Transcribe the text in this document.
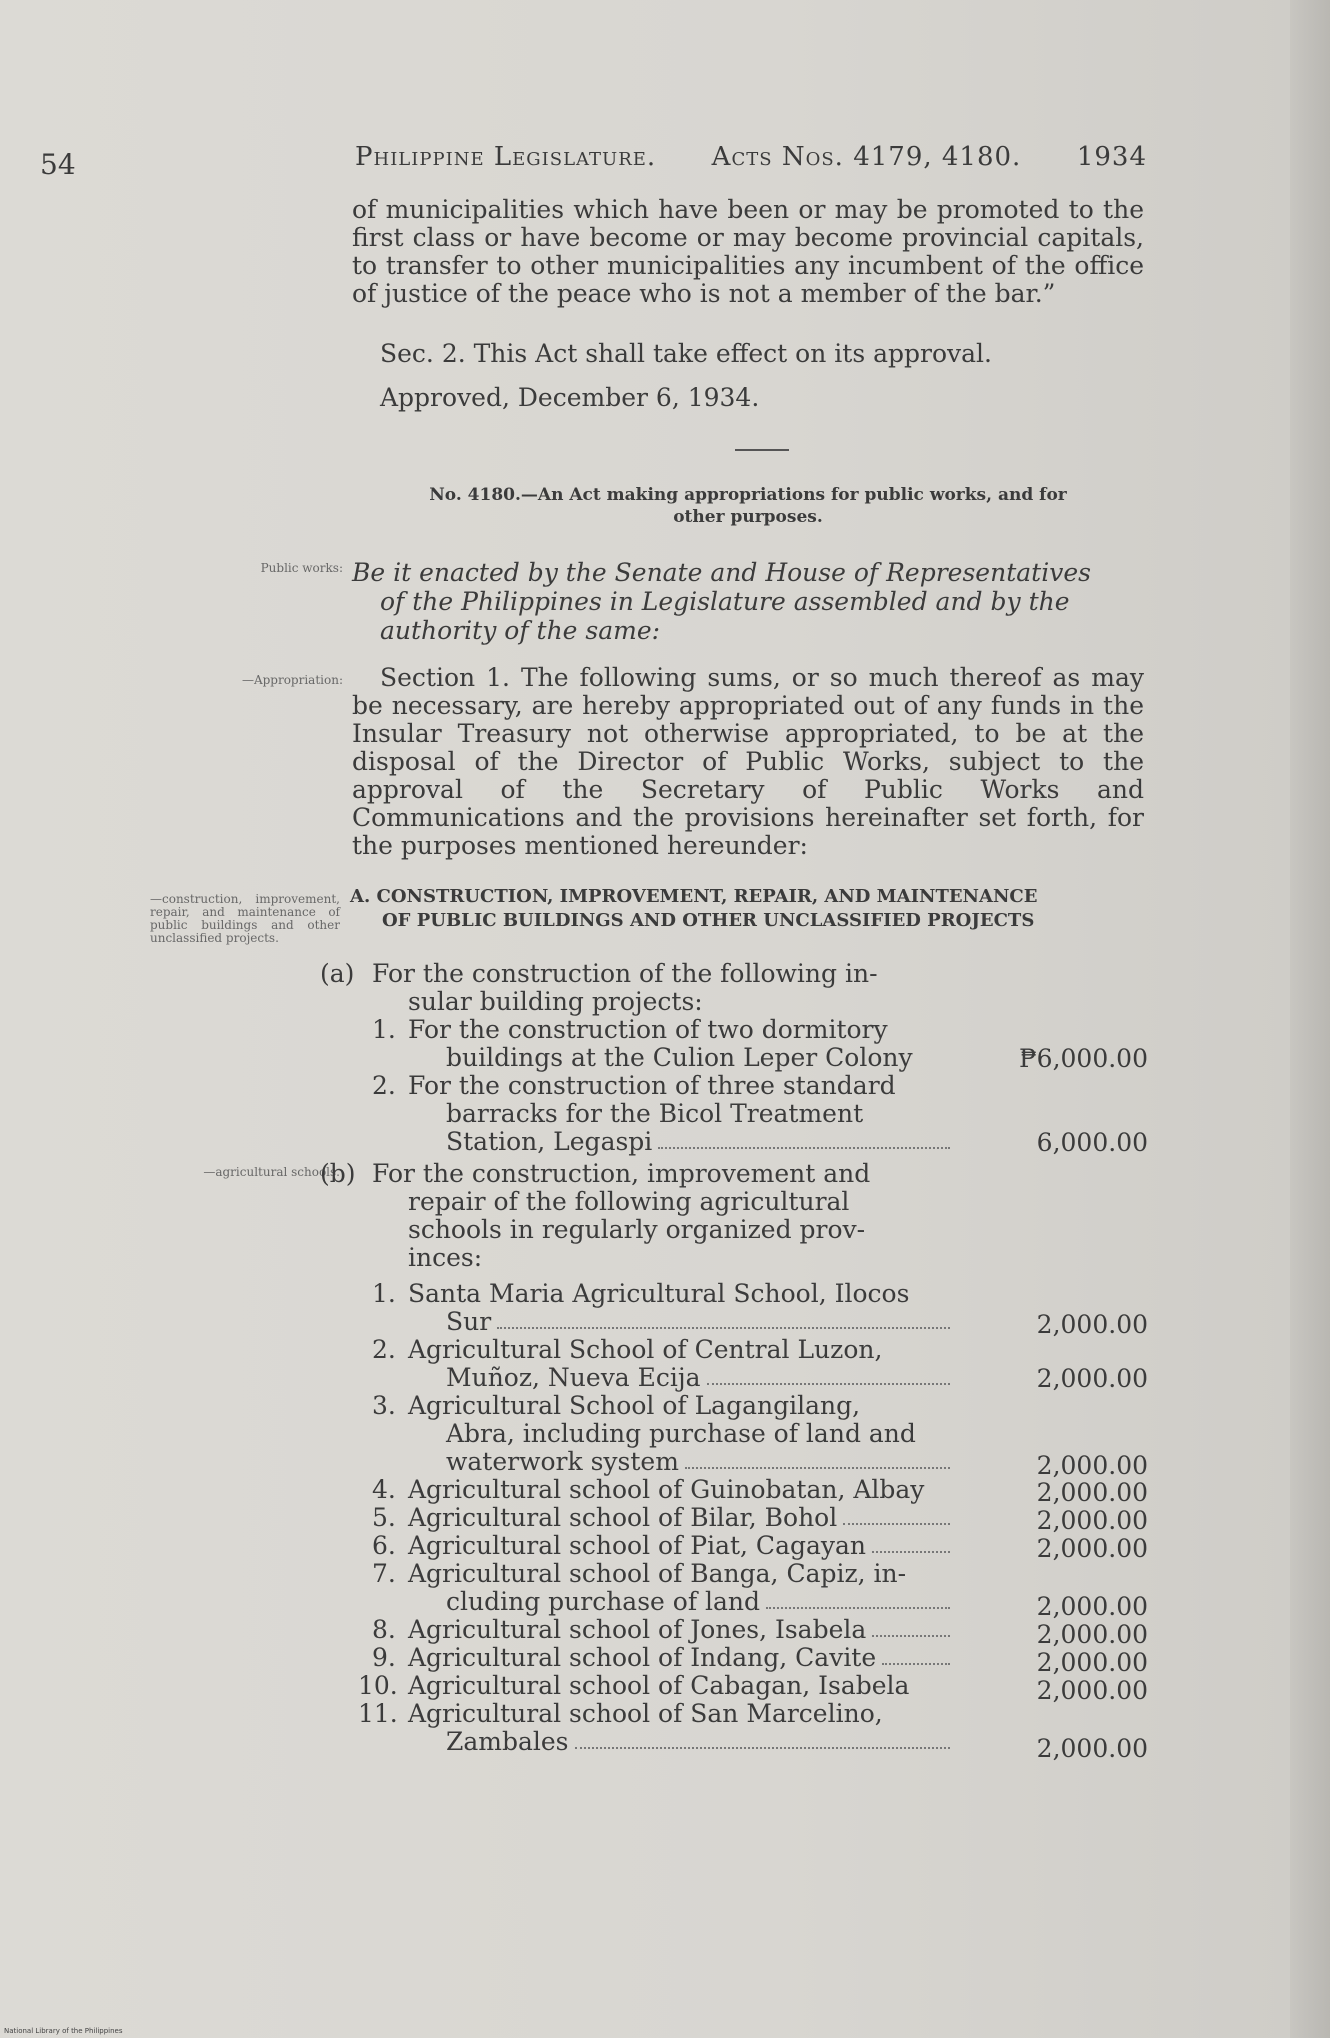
54	Philippine Legislature. Acts Nos. 4179, 4180. 1934
of municipalities which have been or may be promoted to the first class or have become or may become provincial capitals, to transfer to other municipalities any incumbent of the office of justice of the peace who is not a member of the bar.”
Sec. 2. This Act shall take effect on its approval.
Approved, December 6, 1934.
No. 4180.—An Act making appropriations for public works, and for
other purposes.
Public works: Be it enacted by the Senate and House of Representatives
of the Philippines in Legislature assembled and by the
authority of the same:
—Appropriation:	Section 1. The following sums, or so much thereof as may be necessary, are hereby appropriated out of any funds in the Insular Treasury not otherwise appropriated, to be at the disposal of the Director of Public Works, subject to the approval of the Secretary of Public Works and Communications and the provisions hereinafter set forth, for the purposes mentioned hereunder:
—construction, improvement, repair, and maintenance of public buildings and other unclassified projects.
A. CONSTRUCTION, IMPROVEMENT, REPAIR, AND MAINTENANCE
OF PUBLIC BUILDINGS AND OTHER UNCLASSIFIED PROJECTS
—agricultural schools.
(a) For the construction of the following in-
sular building projects:
1. For the construction of two dormitory
buildings at the Culion Leper Colony	₱6,000.00
2. For the construction of three standard
barracks for the Bicol Treatment
Station, Legaspi	6,000.00
(b) For the construction, improvement and
repair of the following agricultural
schools in regularly organized prov-
inces:
1. Santa Maria Agricultural School, Ilocos
Sur	2,000.00
2. Agricultural School of Central Luzon,
Muñoz, Nueva Ecija	2,000.00
3. Agricultural School of Lagangilang,
Abra, including purchase of land and
waterwork system	2,000.00
4. Agricultural school of Guinobatan, Albay	2,000.00
5. Agricultural school of Bilar, Bohol	2,000.00
6. Agricultural school of Piat, Cagayan	2,000.00
7. Agricultural school of Banga, Capiz, in-
cluding purchase of land	2,000.00
8. Agricultural school of Jones, Isabela	2,000.00
9. Agricultural school of Indang, Cavite	2,000.00
10. Agricultural school of Cabagan, Isabela	2,000.00
11. Agricultural school of San Marcelino,
Zambales	2,000.00
National Library of the Philippines
